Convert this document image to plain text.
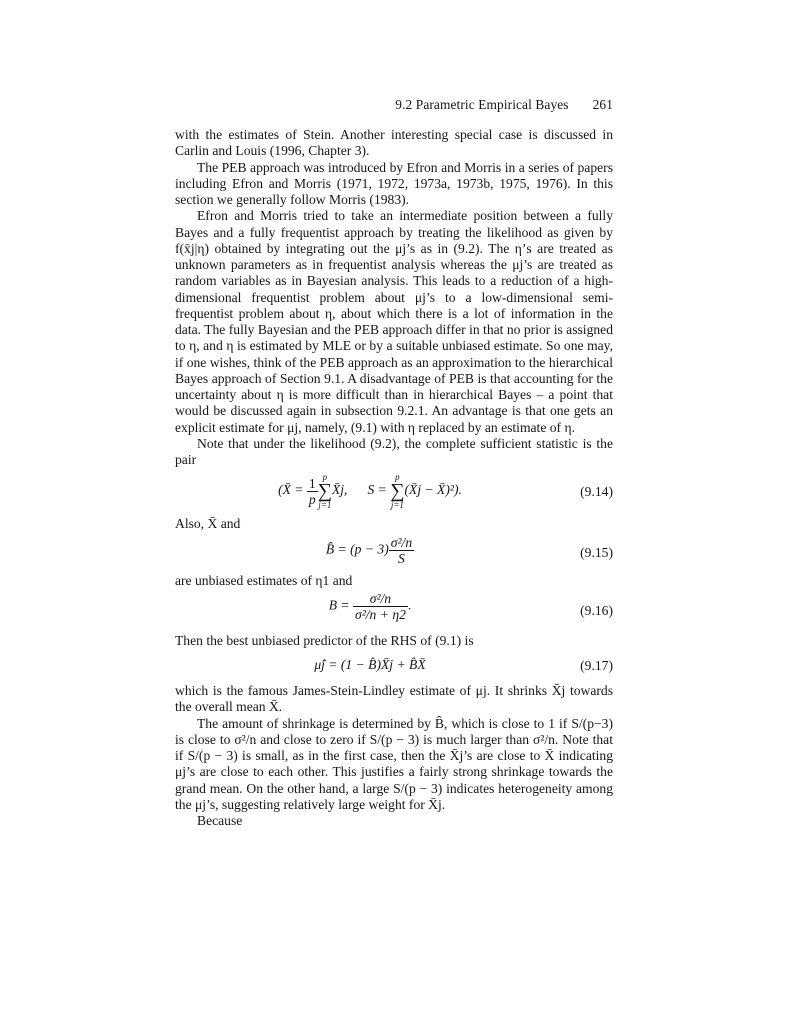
9.2 Parametric Empirical Bayes 261

with the estimates of Stein. Another interesting special case is discussed in Carlin and Louis (1996, Chapter 3).

The PEB approach was introduced by Efron and Morris in a series of papers including Efron and Morris (1971, 1972, 1973a, 1973b, 1975, 1976). In this section we generally follow Morris (1983).

Efron and Morris tried to take an intermediate position between a fully Bayes and a fully frequentist approach by treating the likelihood as given by f(x̄j|η) obtained by integrating out the μj’s as in (9.2). The η’s are treated as unknown parameters as in frequentist analysis whereas the μj’s are treated as random variables as in Bayesian analysis. This leads to a reduction of a high-dimensional frequentist problem about μj’s to a low-dimensional semi-frequentist problem about η, about which there is a lot of information in the data. The fully Bayesian and the PEB approach differ in that no prior is assigned to η, and η is estimated by MLE or by a suitable unbiased estimate. So one may, if one wishes, think of the PEB approach as an approximation to the hierarchical Bayes approach of Section 9.1. A disadvantage of PEB is that accounting for the uncertainty about η is more difficult than in hierarchical Bayes – a point that would be discussed again in subsection 9.2.1. An advantage is that one gets an explicit estimate for μj, namely, (9.1) with η replaced by an estimate of η.

Note that under the likelihood (9.2), the complete sufficient statistic is the pair

(X̄ = $\frac{1}{p}$ p
∑
j=1
X̄j, S =
p
∑
j=1
(X̄j − X̄)²).	(9.14)

Also, X̄ and

B̂ = $(p - 3) \frac{\text{σ²/n}}{S}$	(9.15)

are unbiased estimates of η1 and

$B = \frac{\text{σ²/n}}{\text{σ²/n + η2}}$ .	(9.16)

Then the best unbiased predictor of the RHS of (9.1) is

μ̂j = (1 − B̂)X̄j + B̂X̄	(9.17)

which is the famous James-Stein-Lindley estimate of μj. It shrinks X̄j towards the overall mean X̄.

The amount of shrinkage is determined by B̂, which is close to 1 if S/(p−3) is close to σ²/n and close to zero if S/(p − 3) is much larger than σ²/n. Note that if S/(p − 3) is small, as in the first case, then the X̄j’s are close to X̄ indicating μj’s are close to each other. This justifies a fairly strong shrinkage towards the grand mean. On the other hand, a large S/(p − 3) indicates heterogeneity among the μj’s, suggesting relatively large weight for X̄j.

Because
